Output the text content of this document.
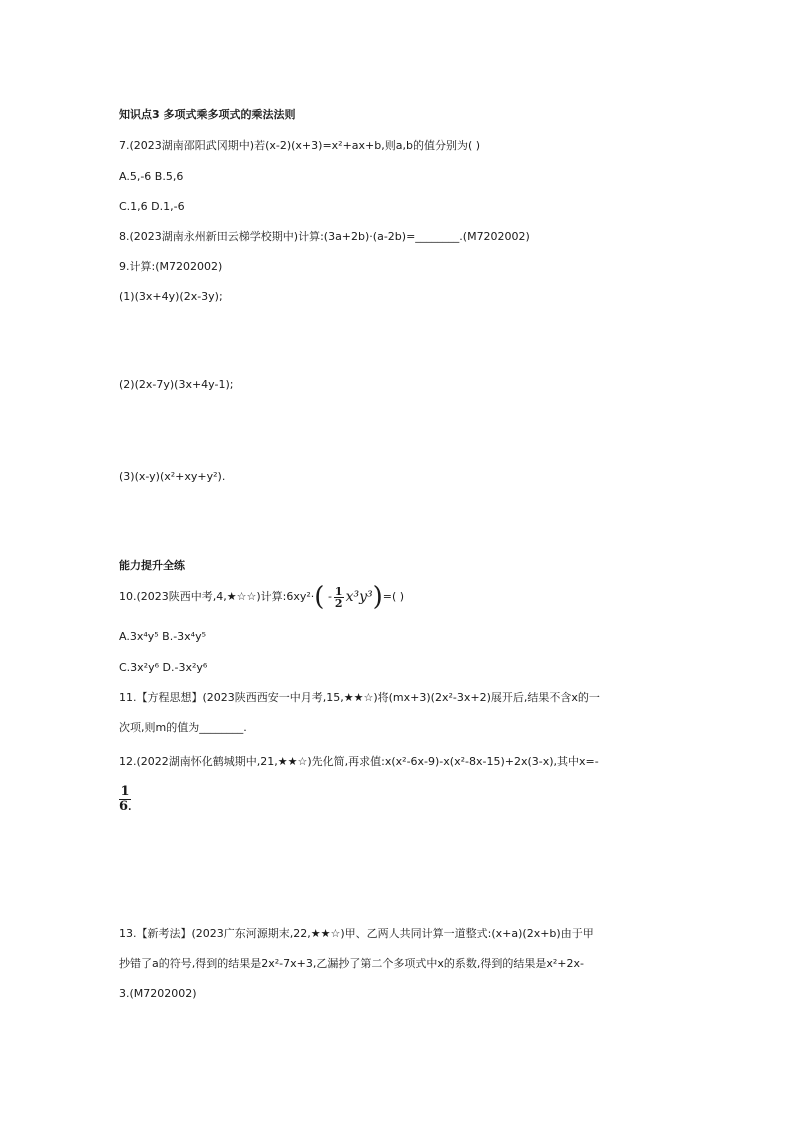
知识点3 多项式乘多项式的乘法法则
7.(2023湖南邵阳武冈期中)若(x-2)(x+3)=x²+ax+b,则a,b的值分别为( )
A.5,-6 B.5,6
C.1,6 D.1,-6
8.(2023湖南永州新田云梯学校期中)计算:(3a+2b)·(a-2b)=________.(M7202002)
9.计算:(M7202002)
(1)(3x+4y)(2x-3y);
(2)(2x-7y)(3x+4y-1);
(3)(x-y)(x²+xy+y²).
能力提升全练
10.(2023陕西中考,4,★☆☆)计算:6xy²·( - $\frac{1}{2} x^3y^3)=$( )
A.3x⁴y⁵ B.-3x⁴y⁵
C.3x²y⁶ D.-3x²y⁶
11.【方程思想】(2023陕西西安一中月考,15,★★☆)将(mx+3)(2x²-3x+2)展开后,结果不含x的一
次项,则m的值为________.
12.(2022湖南怀化鹤城期中,21,★★☆)先化简,再求值:x(x²-6x-9)-x(x²-8x-15)+2x(3-x),其中x=-
$\frac{1}{6.}$
13.【新考法】(2023广东河源期末,22,★★☆)甲、乙两人共同计算一道整式:(x+a)(2x+b)由于甲
抄错了a的符号,得到的结果是2x²-7x+3,乙漏抄了第二个多项式中x的系数,得到的结果是x²+2x-
3.(M7202002)
